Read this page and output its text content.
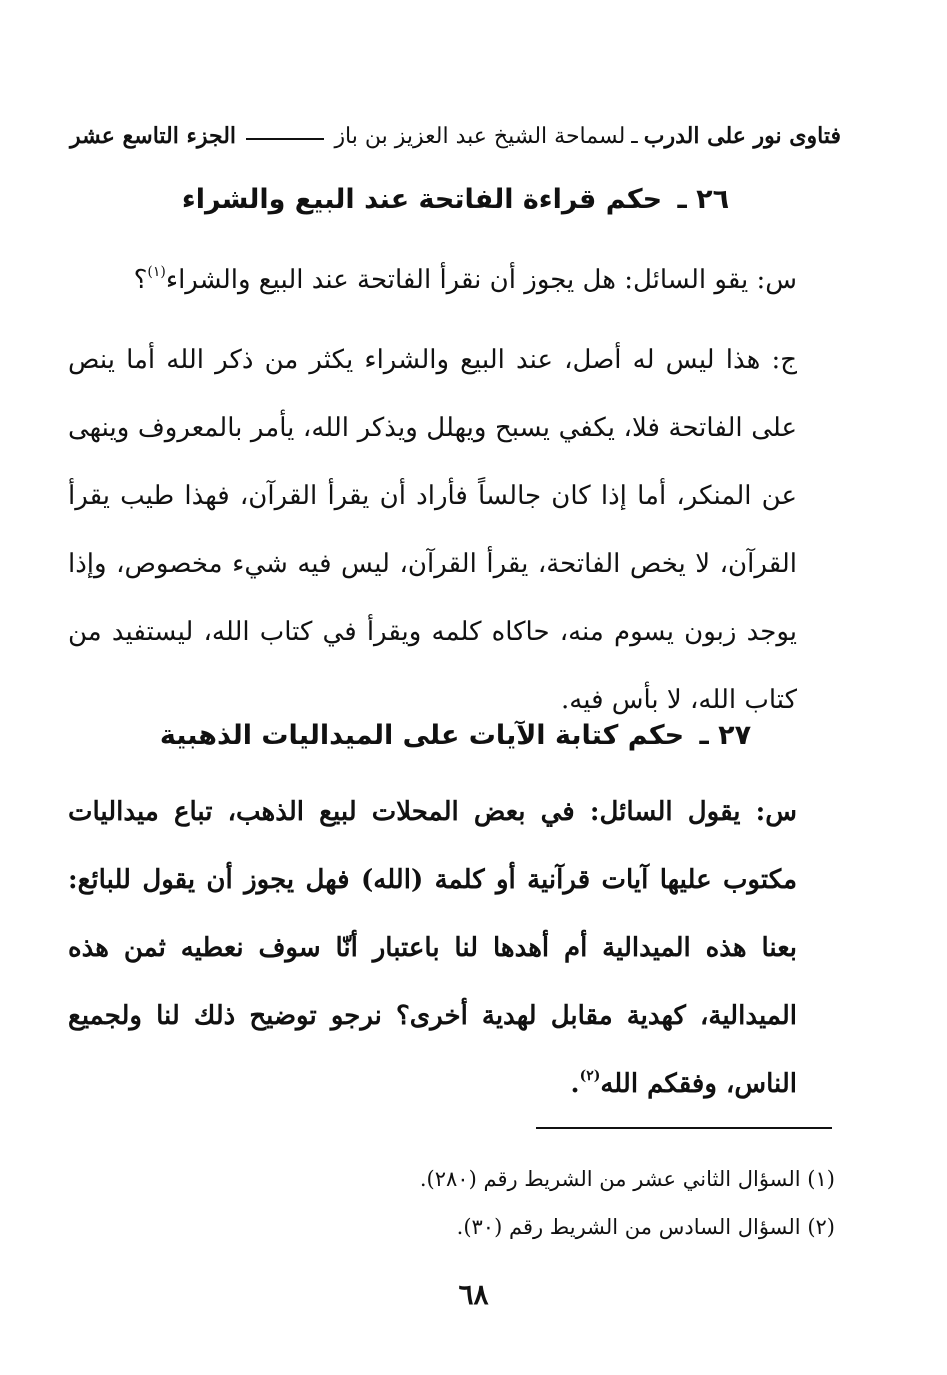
فتاوى نور على الدرب
ـ
لسماحة الشيخ عبد العزيز بن باز
الجزء التاسع عشر
٢٦ ـ حكم قراءة الفاتحة عند البيع والشراء
س: يقو السائل: هل يجوز أن نقرأ الفاتحة عند البيع والشراء$^{(١)}$؟
ج: هذا ليس له أصل، عند البيع والشراء يكثر من ذكر الله أما ينص على الفاتحة فلا، يكفي يسبح ويهلل ويذكر الله، يأمر بالمعروف وينهى عن المنكر، أما إذا كان جالساً فأراد أن يقرأ القرآن، فهذا طيب يقرأ القرآن، لا يخص الفاتحة، يقرأ القرآن، ليس فيه شيء مخصوص، وإذا يوجد زبون يسوم منه، حاكاه كلمه ويقرأ في كتاب الله، ليستفيد من كتاب الله، لا بأس فيه.
٢٧ ـ حكم كتابة الآيات على الميداليات الذهبية
س: يقول السائل: في بعض المحلات لبيع الذهب، تباع ميداليات مكتوب عليها آيات قرآنية أو كلمة (الله) فهل يجوز أن يقول للبائع: بعنا هذه الميدالية أم أهدها لنا باعتبار أنّا سوف نعطيه ثمن هذه الميدالية، كهدية مقابل لهدية أخرى؟ نرجو توضيح ذلك لنا ولجميع الناس، وفقكم الله$^{(٢)}$.
(١) السؤال الثاني عشر من الشريط رقم (٢٨٠).
(٢) السؤال السادس من الشريط رقم (٣٠).
٦٨
